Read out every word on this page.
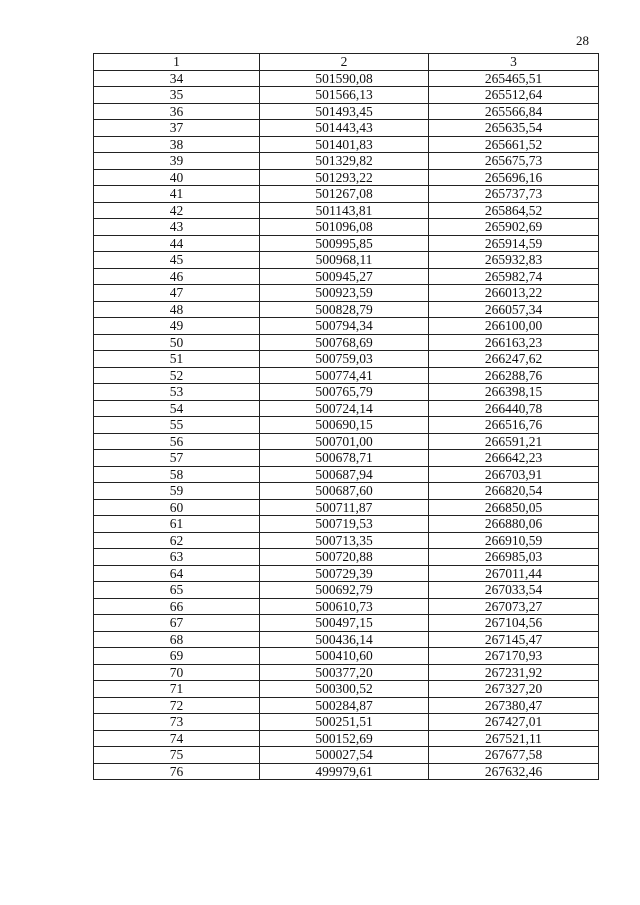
28
1	2	3
34	501590,08	265465,51
35	501566,13	265512,64
36	501493,45	265566,84
37	501443,43	265635,54
38	501401,83	265661,52
39	501329,82	265675,73
40	501293,22	265696,16
41	501267,08	265737,73
42	501143,81	265864,52
43	501096,08	265902,69
44	500995,85	265914,59
45	500968,11	265932,83
46	500945,27	265982,74
47	500923,59	266013,22
48	500828,79	266057,34
49	500794,34	266100,00
50	500768,69	266163,23
51	500759,03	266247,62
52	500774,41	266288,76
53	500765,79	266398,15
54	500724,14	266440,78
55	500690,15	266516,76
56	500701,00	266591,21
57	500678,71	266642,23
58	500687,94	266703,91
59	500687,60	266820,54
60	500711,87	266850,05
61	500719,53	266880,06
62	500713,35	266910,59
63	500720,88	266985,03
64	500729,39	267011,44
65	500692,79	267033,54
66	500610,73	267073,27
67	500497,15	267104,56
68	500436,14	267145,47
69	500410,60	267170,93
70	500377,20	267231,92
71	500300,52	267327,20
72	500284,87	267380,47
73	500251,51	267427,01
74	500152,69	267521,11
75	500027,54	267677,58
76	499979,61	267632,46
